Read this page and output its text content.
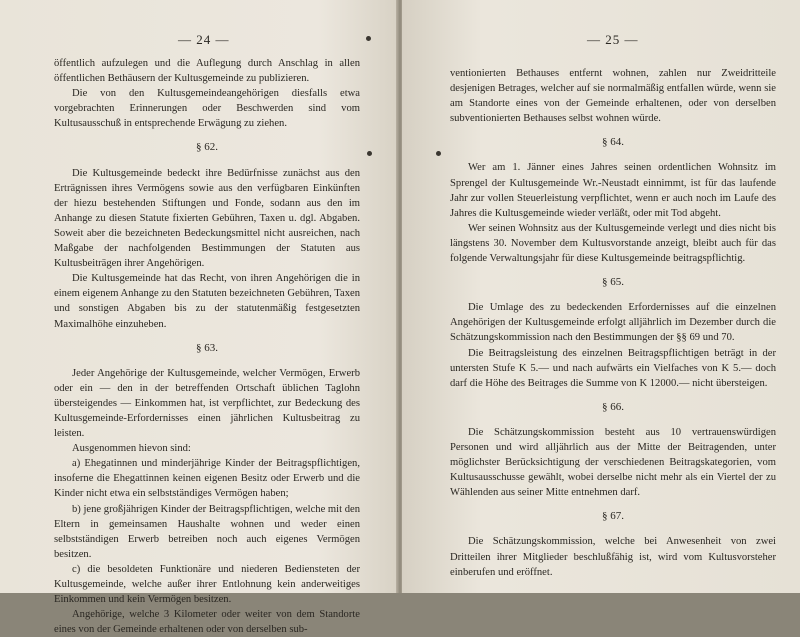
— 24 —

öffentlich aufzulegen und die Auflegung durch Anschlag in allen öffentlichen Bethäusern der Kultusgemeinde zu publizieren.

Die von den Kultusgemeindeangehörigen diesfalls etwa vorgebrachten Erinnerungen oder Beschwerden sind vom Kultusausschuß in entsprechende Erwägung zu ziehen.

§ 62.

Die Kultusgemeinde bedeckt ihre Bedürfnisse zunächst aus den Erträgnissen ihres Vermögens sowie aus den verfügbaren Einkünften der hiezu bestehenden Stiftungen und Fonde, sodann aus den im Anhange zu diesen Statute fixierten Gebühren, Taxen u. dgl. Abgaben. Soweit aber die bezeichneten Bedeckungsmittel nicht ausreichen, nach Maßgabe der nachfolgenden Bestimmungen der Statuten aus Kultusbeiträgen ihrer Angehörigen.

Die Kultusgemeinde hat das Recht, von ihren Angehörigen die in einem eigenem Anhange zu den Statuten bezeichneten Gebühren, Taxen und sonstigen Abgaben bis zu der statutenmäßig festgesetzten Maximalhöhe einzuheben.

§ 63.

Jeder Angehörige der Kultusgemeinde, welcher Vermögen, Erwerb oder ein — den in der betreffenden Ortschaft üblichen Taglohn übersteigendes — Einkommen hat, ist verpflichtet, zur Bedeckung des Kultusgemeinde-Erfordernisses einen jährlichen Kultusbeitrag zu leisten.

Ausgenommen hievon sind:

a) Ehegatinnen und minderjährige Kinder der Beitragspflichtigen, insoferne die Ehegattinnen keinen eigenen Besitz oder Erwerb und die Kinder nicht etwa ein selbstständiges Vermögen haben;

b) jene großjährigen Kinder der Beitragspflichtigen, welche mit den Eltern in gemeinsamen Haushalte wohnen und weder einen selbstständigen Erwerb betreiben noch auch eigenes Vermögen besitzen.

c) die besoldeten Funktionäre und niederen Bediensteten der Kultusgemeinde, welche außer ihrer Entlohnung kein anderweitiges Einkommen und kein Vermögen besitzen.

Angehörige, welche 3 Kilometer oder weiter von dem Standorte eines von der Gemeinde erhaltenen oder von derselben sub-

— 25 —

ventionierten Bethauses entfernt wohnen, zahlen nur Zweidritteile desjenigen Betrages, welcher auf sie normalmäßig entfallen würde, wenn sie am Standorte eines von der Gemeinde erhaltenen, oder von derselben subventionierten Bethauses selbst wohnen würde.

§ 64.

Wer am 1. Jänner eines Jahres seinen ordentlichen Wohnsitz im Sprengel der Kultusgemeinde Wr.-Neustadt einnimmt, ist für das laufende Jahr zur vollen Steuerleistung verpflichtet, wenn er auch noch im Laufe des Jahres die Kultusgemeinde wieder verläßt, oder mit Tod abgeht.

Wer seinen Wohnsitz aus der Kultusgemeinde verlegt und dies nicht bis längstens 30. November dem Kultusvorstande anzeigt, bleibt auch für das folgende Verwaltungsjahr für diese Kultusgemeinde beitragspflichtig.

§ 65.

Die Umlage des zu bedeckenden Erfordernisses auf die einzelnen Angehörigen der Kultusgemeinde erfolgt alljährlich im Dezember durch die Schätzungskommission nach den Bestimmungen der §§ 69 und 70.

Die Beitragsleistung des einzelnen Beitragspflichtigen beträgt in der untersten Stufe K 5.— und nach aufwärts ein Vielfaches von K 5.— doch darf die Höhe des Beitrages die Summe von K 12000.— nicht übersteigen.

§ 66.

Die Schätzungskommission besteht aus 10 vertrauenswürdigen Personen und wird alljährlich aus der Mitte der Beitragenden, unter möglichster Berücksichtigung der verschiedenen Beitragskategorien, vom Kultusausschusse gewählt, wobei derselbe nicht mehr als ein Viertel der zu Wählenden aus seiner Mitte entnehmen darf.

§ 67.

Die Schätzungskommission, welche bei Anwesenheit von zwei Dritteilen ihrer Mitglieder beschlußfähig ist, wird vom Kultusvorsteher einberufen und eröffnet.
